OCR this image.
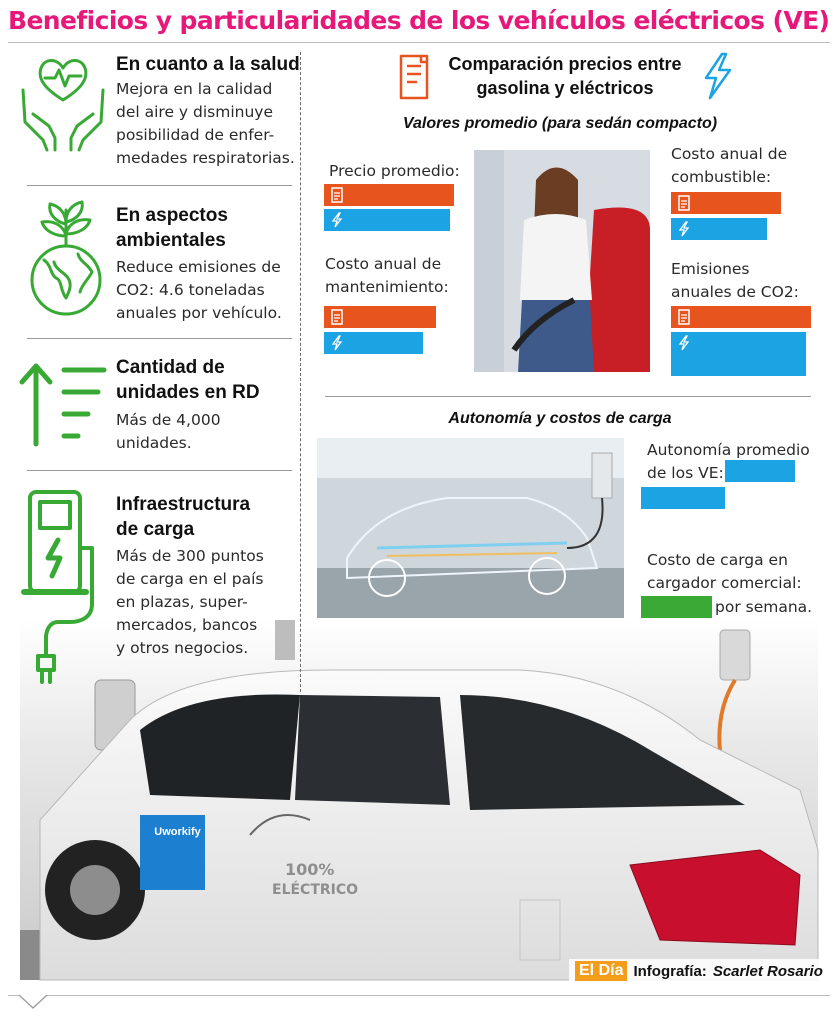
Beneficios y particularidades de los vehículos eléctricos (VE)
Uworkify
100%
ELÉCTRICO
En cuanto a la salud
Mejora en la calidad
del aire y disminuye
posibilidad de enfer-
medades respiratorias.
En aspectos
ambientales
Reduce emisiones de
CO2: 4.6 toneladas
anuales por vehículo.
Cantidad de
unidades en RD
Más de 4,000
unidades.
Infraestructura
de carga
Más de 300 puntos
de carga en el país
en plazas, super-
mercados, bancos
y otros negocios.
Comparación precios entre
gasolina y eléctricos
Valores promedio (para sedán compacto)
Precio promedio:
Costo anual de
mantenimiento:
Costo anual de
combustible:
Emisiones
anuales de CO2:
Autonomía y costos de carga
Autonomía promedio
de los VE:
Costo de carga en
cargador comercial:
por semana.
El Día Infografía: Scarlet Rosario
